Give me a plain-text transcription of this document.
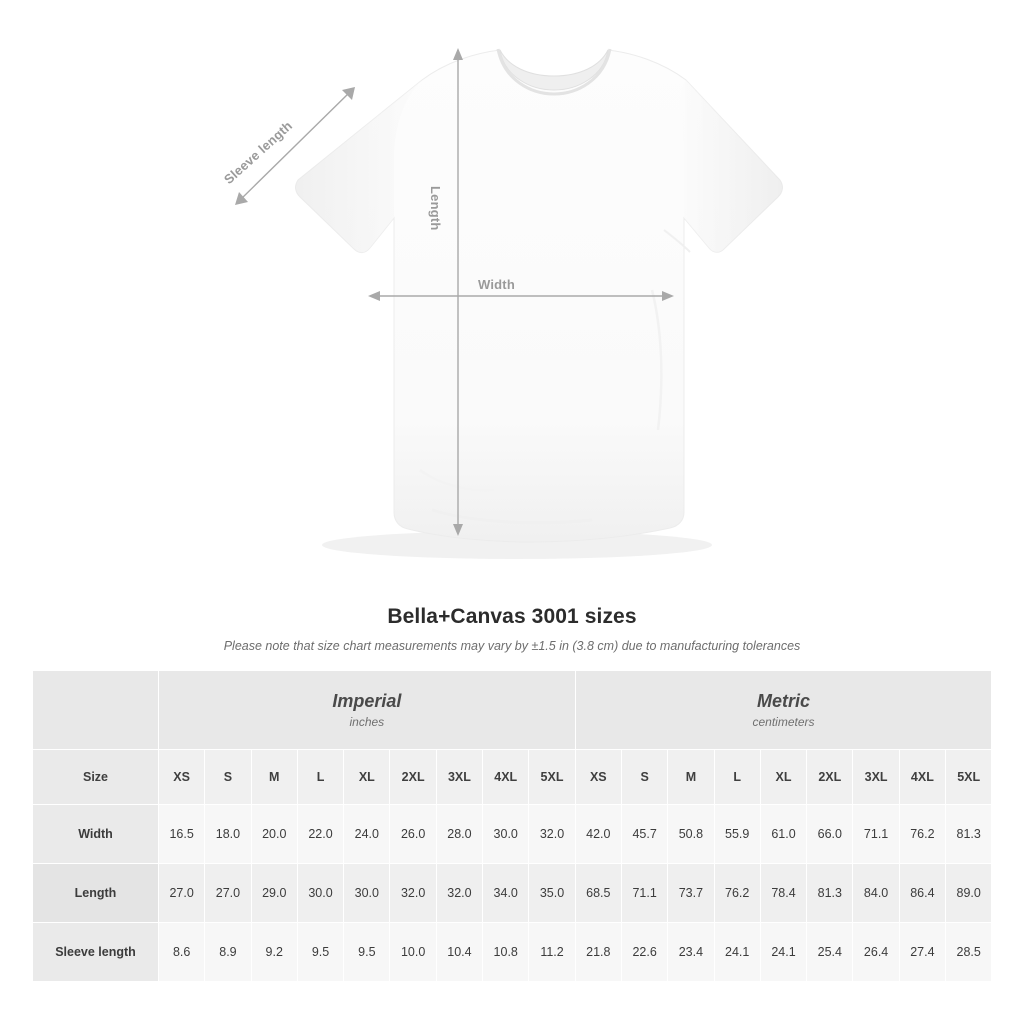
Width
Length
Sleeve length
Bella+Canvas 3001 sizes

Please note that size chart measurements may vary by ±1.5 in (3.8 cm) due to manufacturing tolerances

	Imperial
inches									Metric
centimeters								

Size	XS	S	M	L	XL	2XL	3XL	4XL	5XL	XS	S	M	L	XL	2XL	3XL	4XL	5XL
Width	16.5	18.0	20.0	22.0	24.0	26.0	28.0	30.0	32.0	42.0	45.7	50.8	55.9	61.0	66.0	71.1	76.2	81.3
Length	27.0	27.0	29.0	30.0	30.0	32.0	32.0	34.0	35.0	68.5	71.1	73.7	76.2	78.4	81.3	84.0	86.4	89.0
Sleeve length	8.6	8.9	9.2	9.5	9.5	10.0	10.4	10.8	11.2	21.8	22.6	23.4	24.1	24.1	25.4	26.4	27.4	28.5
